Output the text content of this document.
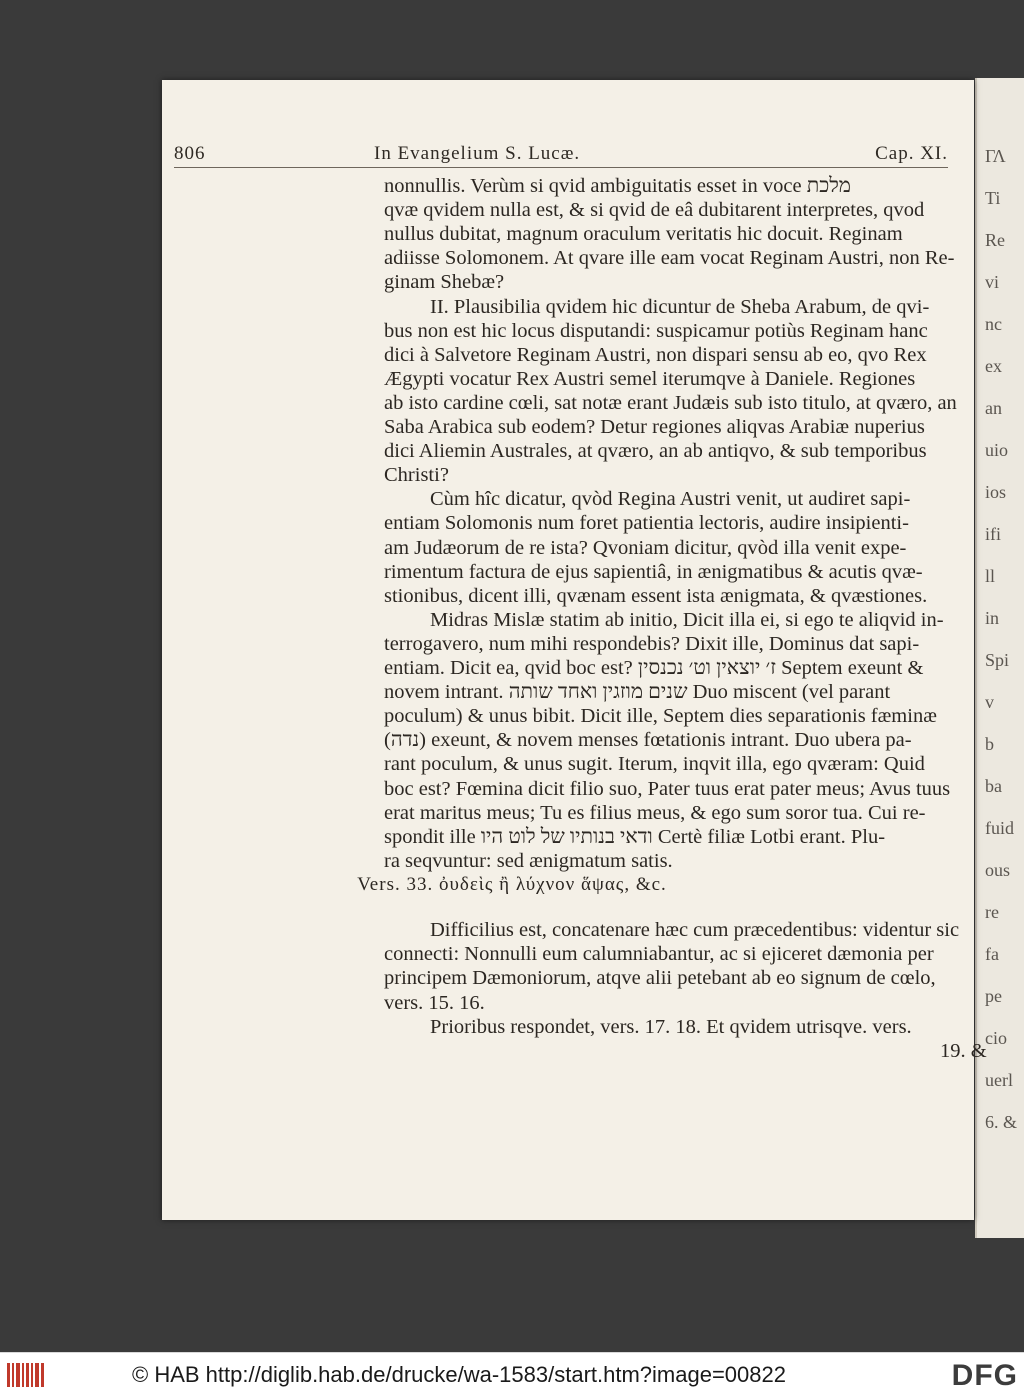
ΓΛ
Ti
Re
vi
nc
ex
an
uio
ios
ifi
ll
in
Spi
v
b
ba
fuid
ous
re
fa
pe
cio
uerl
6. &
806	In Evangelium S. Lucæ.	Cap. XI.
nonnullis. Verùm si qvid ambiguitatis esset in voce מלכת
qvæ qvidem nulla est, & si qvid de eâ dubitarent interpretes, qvod
nullus dubitat, magnum oraculum veritatis hic docuit. Reginam
adiisse Solomonem. At qvare ille eam vocat Reginam Austri, non Re-
ginam Shebæ?
II. Plausibilia qvidem hic dicuntur de Sheba Arabum, de qvi-
bus non est hic locus disputandi: suspicamur potiùs Reginam hanc
dici à Salvetore Reginam Austri, non dispari sensu ab eo, qvo Rex
Ægypti vocatur Rex Austri semel iterumqve à Daniele. Regiones
ab isto cardine cœli, sat notæ erant Judæis sub isto titulo, at qværo, an
Saba Arabica sub eodem? Detur regiones aliqvas Arabiæ nuperius
dici Aliemin Australes, at qværo, an ab antiqvo, & sub temporibus
Christi?
Cùm hîc dicatur, qvòd Regina Austri venit, ut audiret sapi-
entiam Solomonis num foret patientia lectoris, audire insipienti-
am Judæorum de re ista? Qvoniam dicitur, qvòd illa venit expe-
rimentum factura de ejus sapientiâ, in ænigmatibus & acutis qvæ-
stionibus, dicent illi, qvænam essent ista ænigmata, & qvæstiones.
Midras Mislæ statim ab initio, Dicit illa ei, si ego te aliqvid in-
terrogavero, num mihi respondebis? Dixit ille, Dominus dat sapi-
entiam. Dicit ea, qvid boc est? ז׳ יוצאין וט׳ נכנסין Septem exeunt &
novem intrant. שנים מוזגין ואחד שותה Duo miscent (vel parant
poculum) & unus bibit. Dicit ille, Septem dies separationis fæminæ
(נדה) exeunt, & novem menses fœtationis intrant. Duo ubera pa-
rant poculum, & unus sugit. Iterum, inqvit illa, ego qværam: Quid
boc est? Fœmina dicit filio suo, Pater tuus erat pater meus; Avus tuus
erat maritus meus; Tu es filius meus, & ego sum soror tua. Cui re-
spondit ille ודאי בנותיו של לוט היו Certè filiæ Lotbi erant. Plu-
ra seqvuntur: sed ænigmatum satis.
Vers. 33. ὀυδεὶς ἢ λύχνον ἅψας, &c.
Difficilius est, concatenare hæc cum præcedentibus: videntur sic
connecti: Nonnulli eum calumniabantur, ac si ejiceret dæmonia per
principem Dæmoniorum, atqve alii petebant ab eo signum de cœlo,
vers. 15. 16.
Prioribus respondet, vers. 17. 18. Et qvidem utrisqve. vers.
19. &
© HAB http://diglib.hab.de/drucke/wa-1583/start.htm?image=00822	DFG
